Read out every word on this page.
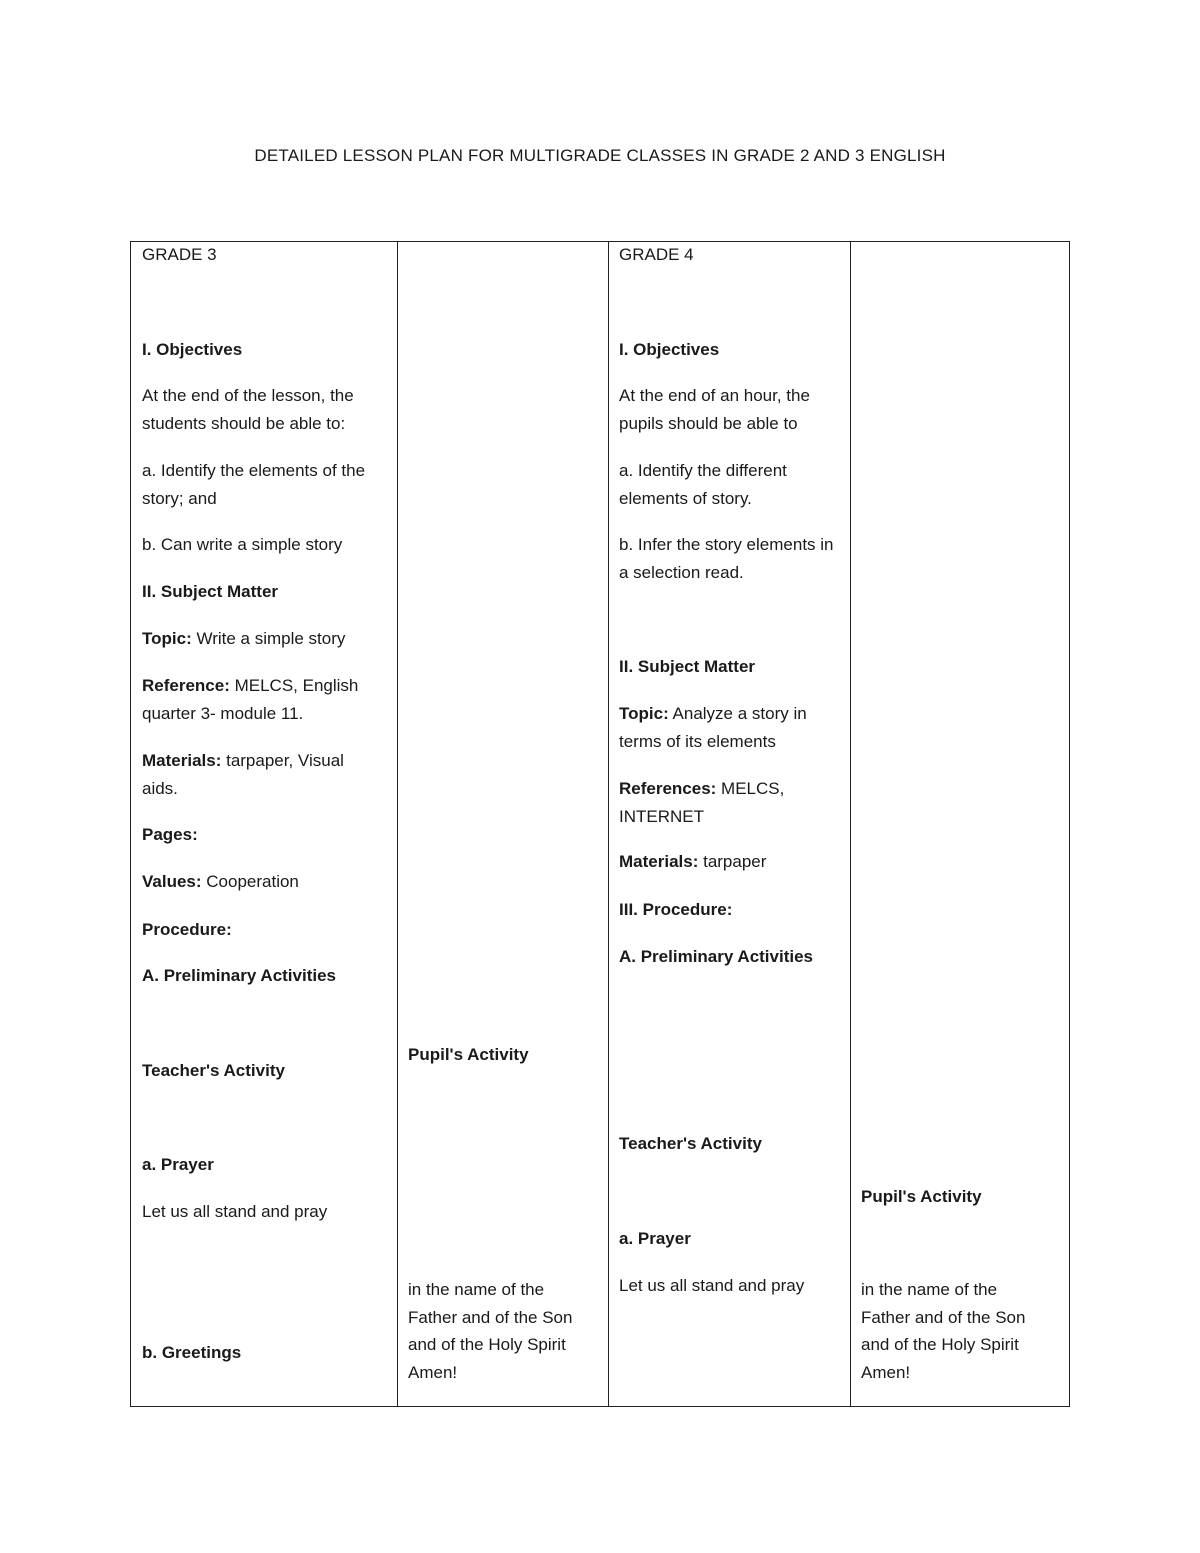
DETAILED LESSON PLAN FOR MULTIGRADE CLASSES IN GRADE 2 AND 3 ENGLISH
GRADE 3
I. Objectives
At the end of the lesson, the students should be able to:
a. Identify the elements of the story; and
b. Can write a simple story
II. Subject Matter
Topic: Write a simple story
Reference: MELCS, English quarter 3- module 11.
Materials: tarpaper, Visual aids.
Pages:
Values: Cooperation
Procedure:
A. Preliminary Activities
Teacher's Activity
a. Prayer
Let us all stand and pray
b. Greetings
Pupil's Activity
in the name of the Father and of the Son and of the Holy Spirit Amen!
GRADE 4
I. Objectives
At the end of an hour, the pupils should be able to
a. Identify the different elements of story.
b. Infer the story elements in a selection read.
II. Subject Matter
Topic: Analyze a story in terms of its elements
References: MELCS, INTERNET
Materials: tarpaper
III. Procedure:
A. Preliminary Activities
Teacher's Activity
a. Prayer
Let us all stand and pray
Pupil's Activity
in the name of the Father and of the Son and of the Holy Spirit Amen!
